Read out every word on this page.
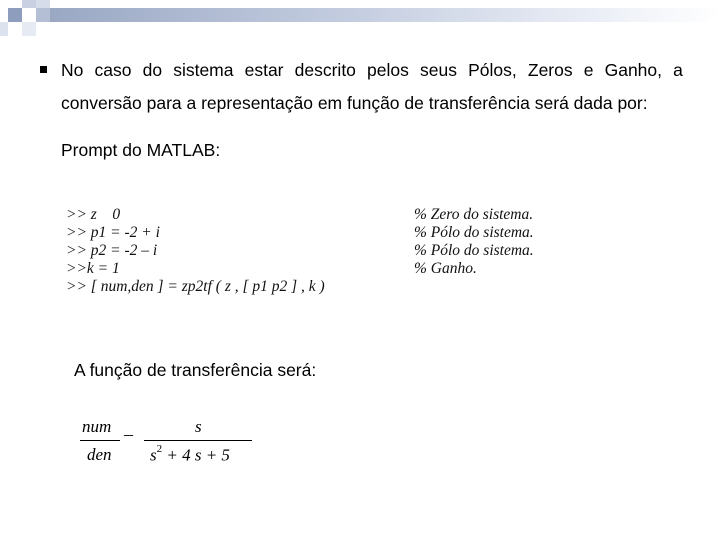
No caso do sistema estar descrito pelos seus Pólos, Zeros e Ganho, a
conversão para a representação em função de transferência será dada por:
Prompt do MATLAB:
>> z    0
>> p1 = -2 + i
>> p2 = -2 – i
>>k = 1
>> [ num,den ] = zp2tf ( z , [ p1 p2 ] , k )
% Zero do sistema.
% Pólo do sistema.
% Pólo do sistema.
% Ganho.
A função de transferência será:
num
den
–	s
$s^2 + 4$ s + 5
